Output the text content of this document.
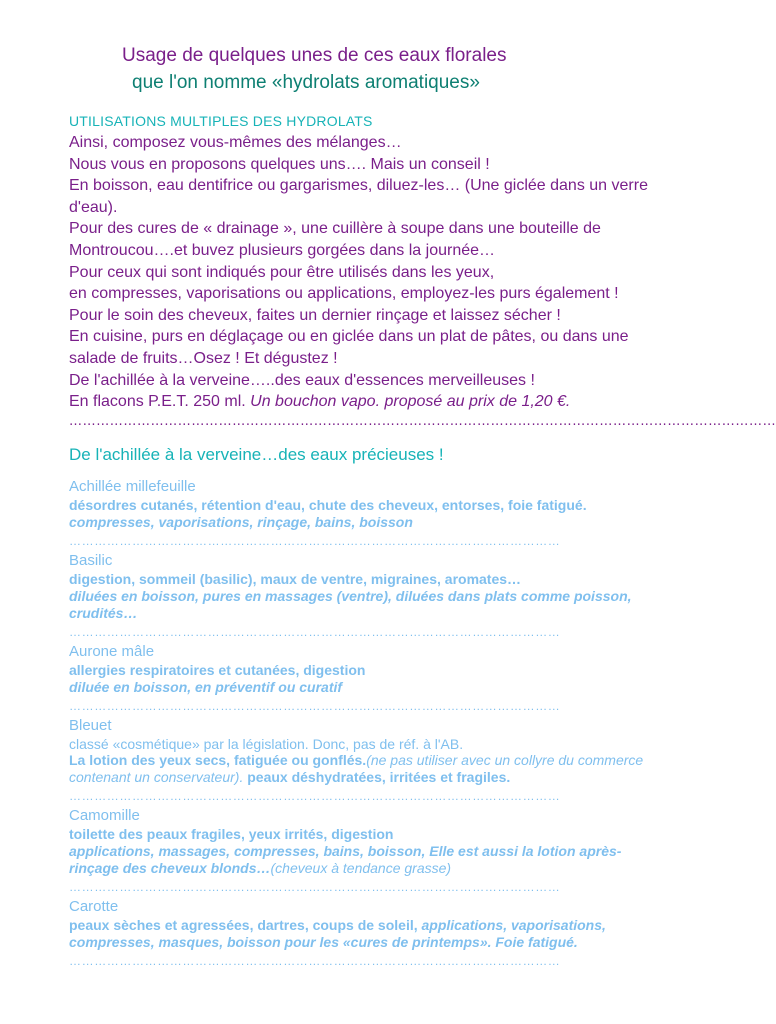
Usage de quelques unes de ces eaux florales
que l'on nomme «hydrolats aromatiques»
UTILISATIONS MULTIPLES DES HYDROLATS

Ainsi, composez vous-mêmes des mélanges…

Nous vous en proposons quelques uns…. Mais un conseil !

En boisson, eau dentifrice ou gargarismes, diluez-les… (Une giclée dans un verre d'eau).

Pour des cures de « drainage », une cuillère à soupe dans une bouteille de Montroucou….et buvez plusieurs gorgées dans la journée…

Pour ceux qui sont indiqués pour être utilisés dans les yeux,

en compresses, vaporisations ou applications, employez-les purs également !

Pour le soin des cheveux, faites un dernier rinçage et laissez sécher !

En cuisine, purs en déglaçage ou en giclée dans un plat de pâtes, ou dans une salade de fruits…Osez ! Et dégustez !

De l'achillée à la verveine…..des eaux d'essences merveilleuses !

En flacons P.E.T. 250 ml. Un bouchon vapo. proposé au prix de 1,20 €.

…………………………………………………………………………………………………………………………………………
De l'achillée à la verveine…des eaux précieuses !
Achillée millefeuille
désordres cutanés, rétention d'eau, chute des cheveux, entorses, foie fatigué.
compresses, vaporisations, rinçage, bains, boisson
………………………………………………………………………………………………………
Basilic
digestion, sommeil (basilic), maux de ventre, migraines, aromates…
diluées en boisson, pures en massages (ventre), diluées dans plats comme poisson, crudités…
………………………………………………………………………………………………………
Aurone mâle
allergies respiratoires et cutanées, digestion
diluée en boisson, en préventif ou curatif
………………………………………………………………………………………………………
Bleuet
classé «cosmétique» par la législation. Donc, pas de réf. à l'AB.
La lotion des yeux secs, fatiguée ou gonflés.(ne pas utiliser avec un collyre du commerce contenant un conservateur). peaux déshydratées, irritées et fragiles.
………………………………………………………………………………………………………
Camomille
toilette des peaux fragiles, yeux irrités, digestion
applications, massages, compresses, bains, boisson, Elle est aussi la lotion après-rinçage des cheveux blonds…(cheveux à tendance grasse)
………………………………………………………………………………………………………
Carotte
peaux sèches et agressées, dartres, coups de soleil, applications, vaporisations, compresses, masques, boisson pour les «cures de printemps». Foie fatigué.
………………………………………………………………………………………………………
